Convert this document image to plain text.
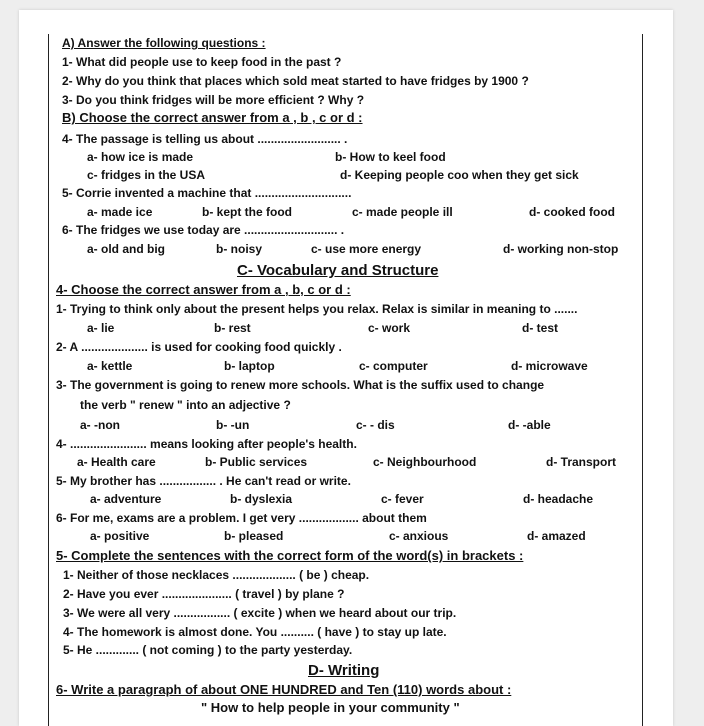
A) Answer the following questions :
1- What did people use to keep food in the past ?
2- Why do you think that places which sold meat started to have fridges by 1900 ?
3- Do you think fridges will be more efficient ? Why ?
B) Choose the correct answer from a , b , c or d :
4- The passage is telling us about ......................... .
a- how ice is made	b- How to keel food
c- fridges in the USA	d- Keeping people coo when they get sick
5- Corrie invented a machine that .............................
a- made ice	b- kept the food	c- made people ill	d- cooked food
6- The fridges we use today are ............................ .
a- old and big	b- noisy	c- use more energy	d- working non-stop
C- Vocabulary and Structure
4- Choose the correct answer from a , b, c or d :
1- Trying to think only about the present helps you relax. Relax is similar in meaning to .......
a- lie	b- rest	c- work	d- test
2- A .................... is used for cooking food quickly .
a- kettle	b- laptop	c- computer	d- microwave
3- The government is going to renew more schools. What is the suffix used to change
the verb " renew " into an adjective ?
a- -non	b- -un	c- - dis	d- -able
4- ....................... means looking after people's health.
a- Health care	b- Public services	c- Neighbourhood	d- Transport
5- My brother has ................. . He can't read or write.
a- adventure	b- dyslexia	c- fever	d- headache
6- For me, exams are a problem. I get very .................. about them
a- positive	b- pleased	c- anxious	d- amazed
5- Complete the sentences with the correct form of the word(s) in brackets :
1- Neither of those necklaces ................... ( be ) cheap.
2- Have you ever ..................... ( travel ) by plane ?
3- We were all very ................. ( excite ) when we heard about our trip.
4- The homework is almost done. You .......... ( have ) to stay up late.
5- He ............. ( not coming ) to the party yesterday.
D- Writing
6- Write a paragraph of about ONE HUNDRED and Ten (110) words about :
" How to help people in your community "
